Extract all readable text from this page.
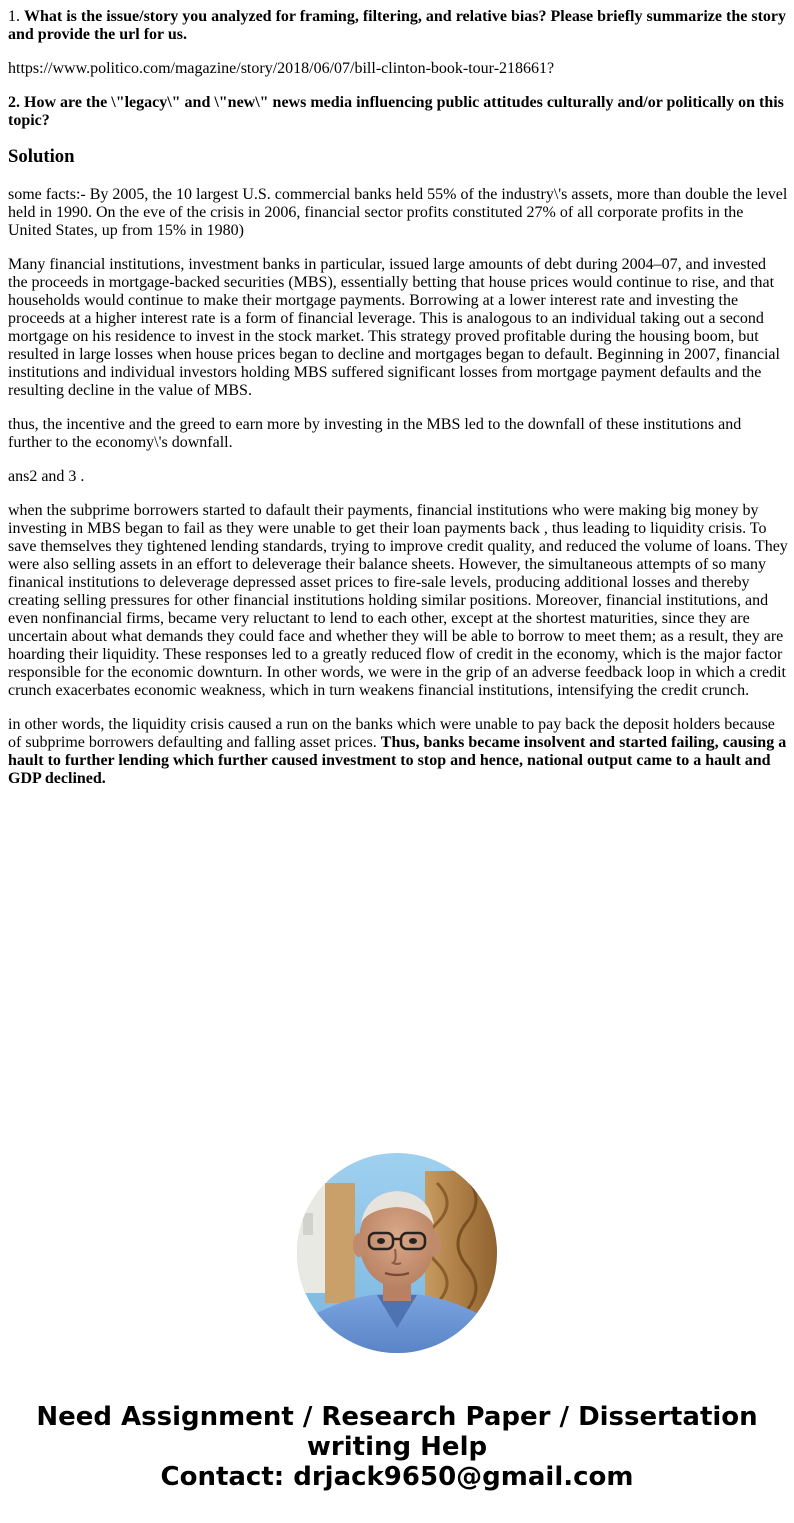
1. What is the issue/story you analyzed for framing, filtering, and relative bias? Please briefly summarize the story and provide the url for us.

https://www.politico.com/magazine/story/2018/06/07/bill-clinton-book-tour-218661?

2. How are the \"legacy\" and \"new\" news media influencing public attitudes culturally and/or politically on this topic?

Solution

some facts:- By 2005, the 10 largest U.S. commercial banks held 55% of the industry\'s assets, more than double the level held in 1990. On the eve of the crisis in 2006, financial sector profits constituted 27% of all corporate profits in the United States, up from 15% in 1980)

Many financial institutions, investment banks in particular, issued large amounts of debt during 2004–07, and invested the proceeds in mortgage-backed securities (MBS), essentially betting that house prices would continue to rise, and that households would continue to make their mortgage payments. Borrowing at a lower interest rate and investing the proceeds at a higher interest rate is a form of financial leverage. This is analogous to an individual taking out a second mortgage on his residence to invest in the stock market. This strategy proved profitable during the housing boom, but resulted in large losses when house prices began to decline and mortgages began to default. Beginning in 2007, financial institutions and individual investors holding MBS suffered significant losses from mortgage payment defaults and the resulting decline in the value of MBS.

thus, the incentive and the greed to earn more by investing in the MBS led to the downfall of these institutions and further to the economy\'s downfall.

ans2 and 3 .

when the subprime borrowers started to dafault their payments, financial institutions who were making big money by investing in MBS began to fail as they were unable to get their loan payments back , thus leading to liquidity crisis. To save themselves they tightened lending standards, trying to improve credit quality, and reduced the volume of loans. They were also selling assets in an effort to deleverage their balance sheets. However, the simultaneous attempts of so many finanical institutions to deleverage depressed asset prices to fire-sale levels, producing additional losses and thereby creating selling pressures for other financial institutions holding similar positions. Moreover, financial institutions, and even nonfinancial firms, became very reluctant to lend to each other, except at the shortest maturities, since they are uncertain about what demands they could face and whether they will be able to borrow to meet them; as a result, they are hoarding their liquidity. These responses led to a greatly reduced flow of credit in the economy, which is the major factor responsible for the economic downturn. In other words, we were in the grip of an adverse feedback loop in which a credit crunch exacerbates economic weakness, which in turn weakens financial institutions, intensifying the credit crunch.

in other words, the liquidity crisis caused a run on the banks which were unable to pay back the deposit holders because of subprime borrowers defaulting and falling asset prices. Thus, banks became insolvent and started failing, causing a hault to further lending which further caused investment to stop and hence, national output came to a hault and GDP declined.

Need Assignment / Research Paper / Dissertation
writing Help
Contact: drjack9650@gmail.com
